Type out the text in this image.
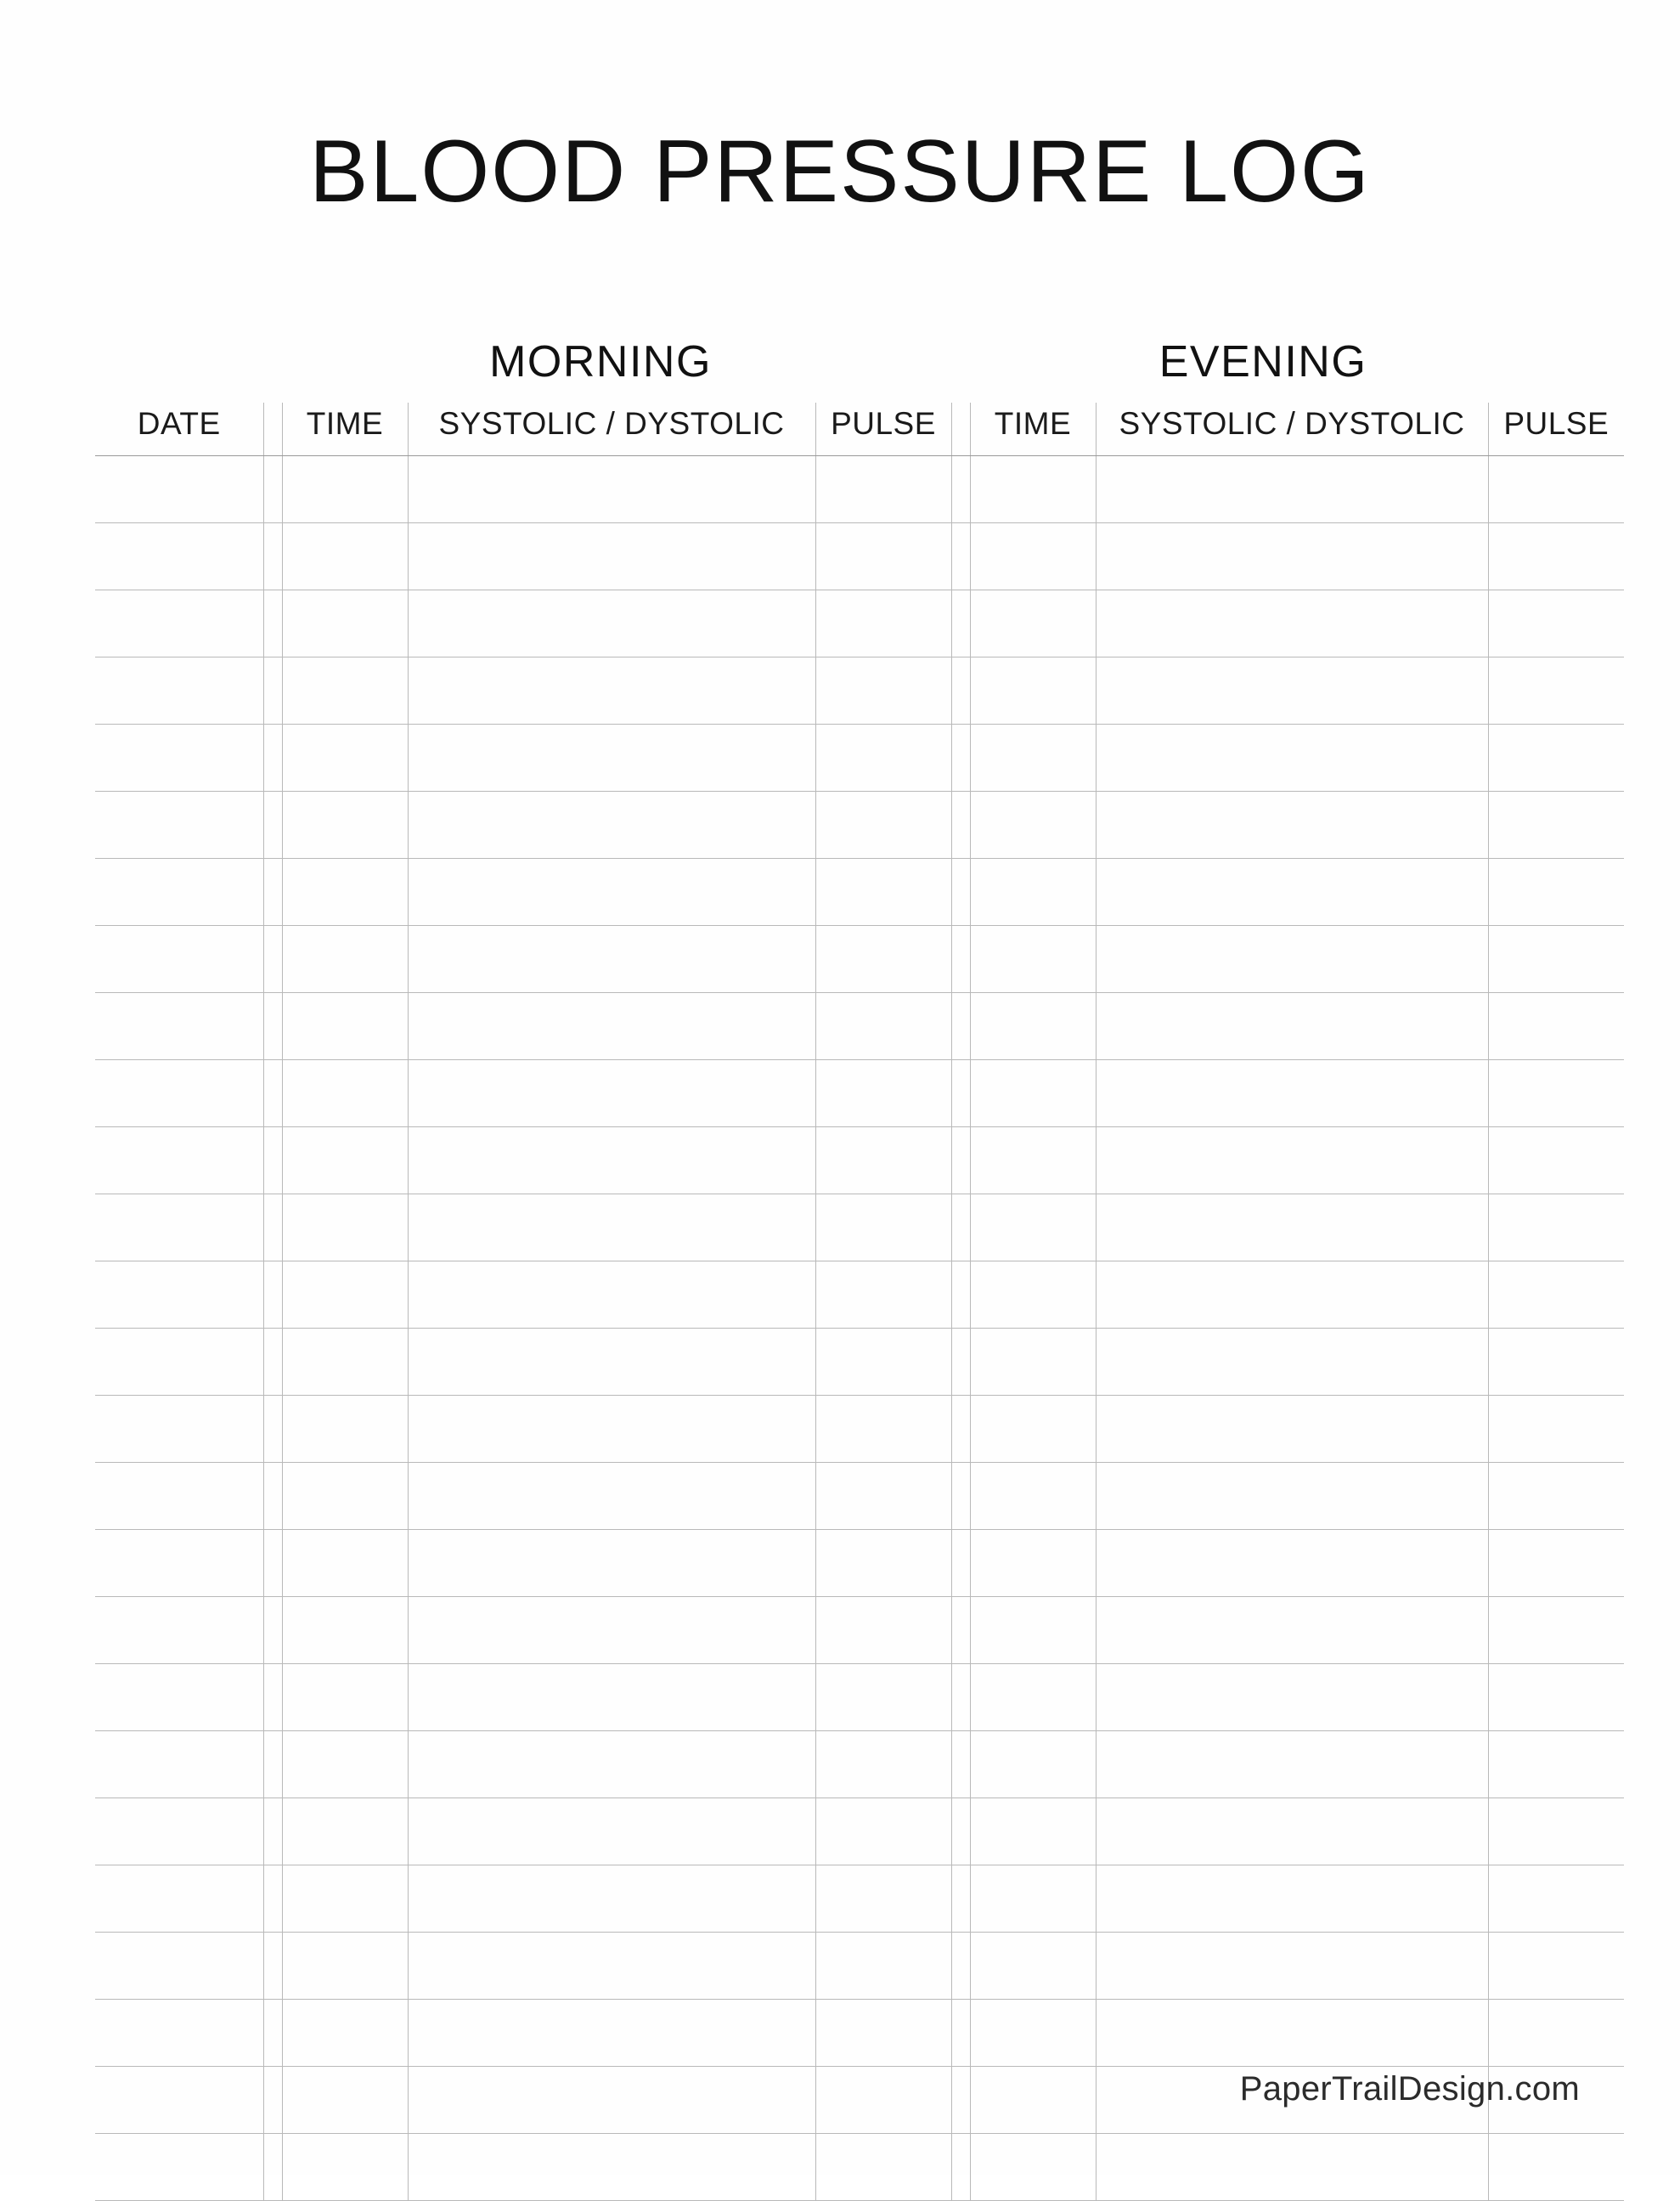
BLOOD PRESSURE LOG
MORNING	EVENING
DATE		TIME	SYSTOLIC / DYSTOLIC	PULSE		TIME	SYSTOLIC / DYSTOLIC	PULSE

PaperTrailDesign.com
